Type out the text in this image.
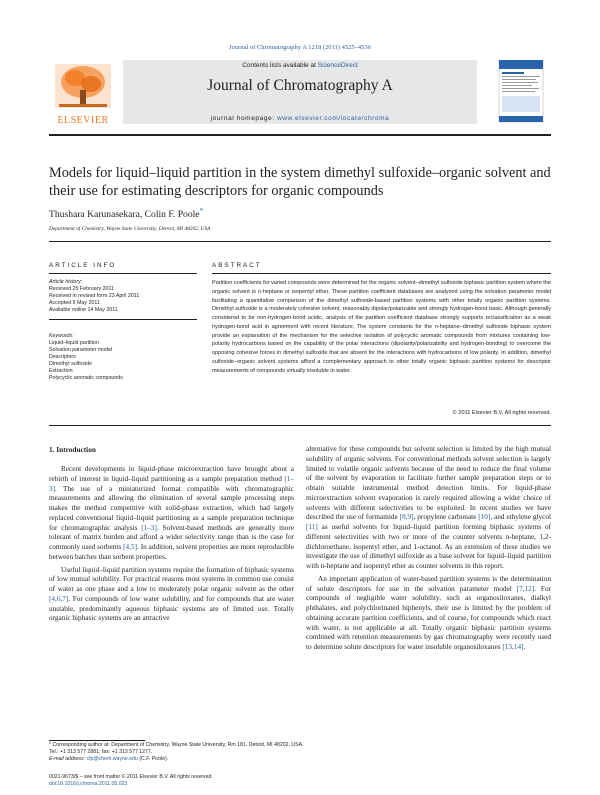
Journal of Chromatography A 1218 (2011) 4525–4536
ELSEVIER
Contents lists available at ScienceDirect
Journal of Chromatography A
journal homepage: www.elsevier.com/locate/chroma
Models for liquid–liquid partition in the system dimethyl sulfoxide–organic solvent and their use for estimating descriptors for organic compounds
Thushara Karunasekara, Colin F. Poole*
Department of Chemistry, Wayne State University, Detroit, MI 48202, USA
ARTICLE INFO
Article history:
Received 25 February 2011
Received in revised form 23 April 2011
Accepted 9 May 2011
Available online 14 May 2011
Keywords:
Liquid–liquid partition
Solvation parameter model
Descriptors
Dimethyl sulfoxide
Extraction
Polycyclic aromatic compounds
ABSTRACT
Partition coefficients for varied compounds were determined for the organic solvent–dimethyl sulfoxide biphasic partition system where the organic solvent is n-heptane or isopentyl ether. These partition coefficient databases are analyzed using the solvation parameter model facilitating a quantitative comparison of the dimethyl sulfoxide-based partition systems with other totally organic partition systems. Dimethyl sulfoxide is a moderately cohesive solvent, reasonably dipolar/polarizable and strongly hydrogen-bond basic. Although generally considered to be non-hydrogen-bond acidic, analysis of the partition coefficient database strongly supports reclassification as a weak hydrogen-bond acid in agreement with recent literature. The system constants for the n-heptane–dimethyl sulfoxide biphasic system provide an explanation of the mechanism for the selective isolation of polycyclic aromatic compounds from mixtures containing low-polarity hydrocarbons based on the capability of the polar interactions (dipolarity/polarizability and hydrogen-bonding) to overcome the opposing cohesive forces in dimethyl sulfoxide that are absent for the interactions with hydrocarbons of low polarity. In addition, dimethyl sulfoxide–organic solvent systems afford a complementary approach to other totally organic biphasic partition systems for descriptor measurements of compounds virtually insoluble in water.
© 2011 Elsevier B.V. All rights reserved.
1. Introduction

Recent developments in liquid-phase microextraction have brought about a rebirth of interest in liquid–liquid partitioning as a sample preparation method [1–3]. The use of a miniaturized format compatible with chromatographic measurements and allowing the elimination of several sample processing steps makes the method competitive with solid-phase extraction, which had largely replaced conventional liquid–liquid partitioning as a sample preparation technique for chromatographic analysis [1–3]. Solvent-based methods are generally more tolerant of matrix burden and afford a wider selectivity range than is the case for commonly used sorbents [4,5]. In addition, solvent properties are more reproducible between batches than sorbent properties.

Useful liquid–liquid partition systems require the formation of biphasic systems of low mutual solubility. For practical reasons most systems in common use consist of water as one phase and a low to moderately polar organic solvent as the other [4,6,7]. For compounds of low water solubility, and for compounds that are water unstable, predominantly aqueous biphasic systems are of limited use. Totally organic biphasic systems are an attractive

alternative for these compounds but solvent selection is limited by the high mutual solubility of organic solvents. For conventional methods solvent selection is largely limited to volatile organic solvents because of the need to reduce the final volume of the solvent by evaporation to facilitate further sample preparation steps or to obtain suitable instrumental method detection limits. For liquid-phase microextraction solvent evaporation is rarely required allowing a wider choice of solvents with different selectivities to be exploited. In recent studies we have described the use of formamide [8,9], propylene carbonate [10], and ethylene glycol [11] as useful solvents for liquid–liquid partition forming biphasic systems of different selectivities with two or more of the counter solvents n-heptane, 1,2-dichloroethane, isopentyl ether, and 1-octanol. As an extension of these studies we investigate the use of dimethyl sulfoxide as a base solvent for liquid–liquid partition with n-heptane and isopentyl ether as counter solvents in this report.

An important application of water-based partition systems is the determination of solute descriptors for use in the solvation parameter model [7,12]. For compounds of negligible water solubility, such as organosiloxanes, dialkyl phthalates, and polychlorinated biphenyls, their use is limited by the problem of obtaining accurate partition coefficients, and of course, for compounds which react with water, is not applicable at all. Totally organic biphasic partition systems combined with retention measurements by gas chromatography were recently used to determine solute descriptors for water insoluble organosiloxanes [13,14].

* Corresponding author at: Department of Chemistry, Wayne State University, Rm 181, Detroit, MI 48202, USA. Tel.: +1 313 577 2881; fax: +1 313 577 1277.
E-mail address: cfp@chem.wayne.edu (C.F. Poole).
0021-9673/$ – see front matter © 2011 Elsevier B.V. All rights reserved.
doi:10.1016/j.chroma.2011.05.023
